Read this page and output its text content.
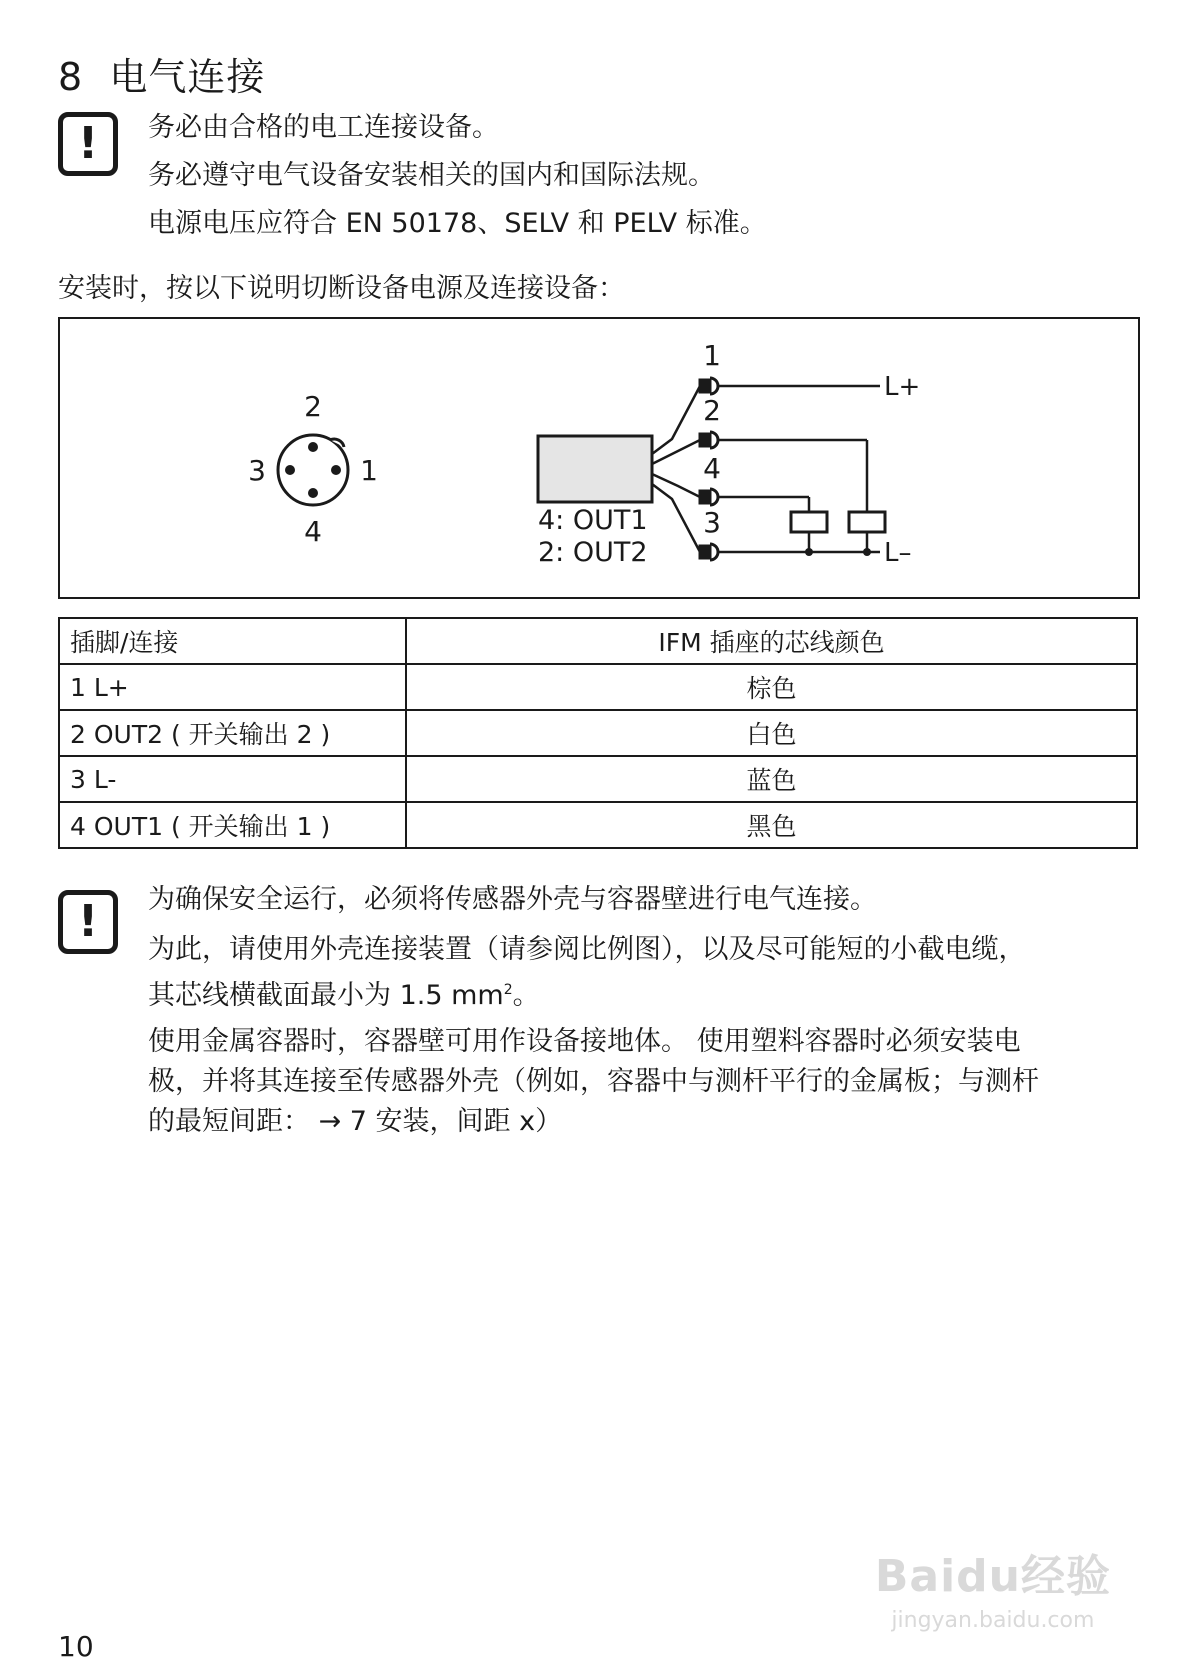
8 电气连接
!	务必由合格的电工连接设备。
务必遵守电气设备安装相关的国内和国际法规。
电源电压应符合 EN 50178、SELV 和 PELV 标准。
安装时，按以下说明切断设备电源及连接设备：
2
3	1
4	4: OUT1
2: OUT2
1
2
4
3
L+
L–
插脚/连接	IFM 插座的芯线颜色
1 L+	棕色
2 OUT2 ( 开关输出 2 )	白色
3 L-	蓝色
4 OUT1 ( 开关输出 1 )	黑色
!	为确保安全运行，必须将传感器外壳与容器壁进行电气连接。
为此，请使用外壳连接装置（请参阅比例图），以及尽可能短的小截电缆，
其芯线横截面最小为 1.5 $mm^2$。
使用金属容器时，容器壁可用作设备接地体。 使用塑料容器时必须安装电
极，并将其连接至传感器外壳（例如，容器中与测杆平行的金属板；与测杆
的最短间距： → 7 安装，间距 x）
Baidu经验
jingyan.baidu.com
10
